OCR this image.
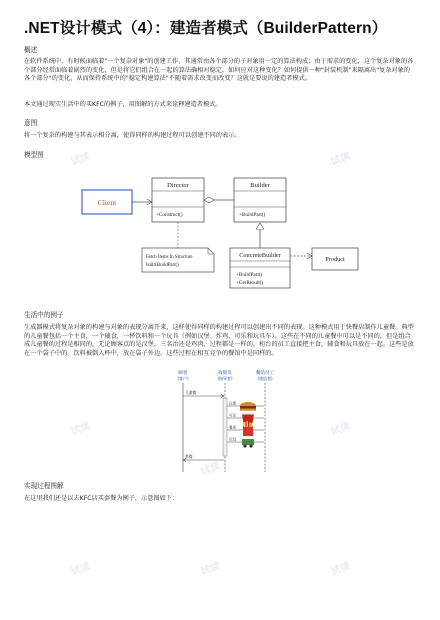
试读	试读
试读
试读
试读
试读	试读	试读
.NET设计模式（4）：建造者模式（BuilderPattern）
概述

在软件系统中，有时候面临着"一个复杂对象"的创建工作，其通常由各个部分的子对象用一定的算法构成；由于需求的变化，这个复杂对象的各个部分经常面临着剧烈的变化，但是将它们组合在一起的算法确相对稳定。如何应对这种变化？如何提供一种"封装机制"来隔离出"复杂对象的各个部分"的变化，从而保持系统中的"稳定构建算法"不随着需求改变而改变？这就是要说的建造者模式。

本文通过现实生活中的买KFC的例子，用图解的方式来诠释建造者模式。

意图

将一个复杂的构建与其表示相分离，使得同样的构建过程可以创建不同的表示。

模型图
Client
Director
+Construct()
Builder
+BuildPart()
ConcreteBuilder
+BuildPart()
+GetResult()
Product
Fetch Items In Structure
build.BuildPart()
生活中的例子

生成器模式将复杂对象的构建与对象的表现分离开来，这样使得同样的构建过程可以创建出不同的表现。这种模式用于快餐店制作儿童餐。典型的儿童餐包括一个主食，一个辅食，一杯饮料和一个玩具（例如汉堡、炸鸡、可乐和玩具车）。这些在不同的儿童餐中可以是不同的，但是组合成儿童餐的过程是相同的。无论顾客点的是汉堡，三名治还是鸡肉，过程都是一样的。柜台的员工直接把主食，辅食和玩具放在一起。这些是放在一个袋子中的。饮料被倒入杯中，放在袋子外边。这些过程在相互竞争的餐馆中是同样的。

顾客
(客户)
收银员
(指导者)
餐馆员工
(建造者)
儿童餐
汉堡
可乐
薯条
玩具
套餐
实现过程图解

在这里我们还是以去KFC店买套餐为例子，示意图如下：
